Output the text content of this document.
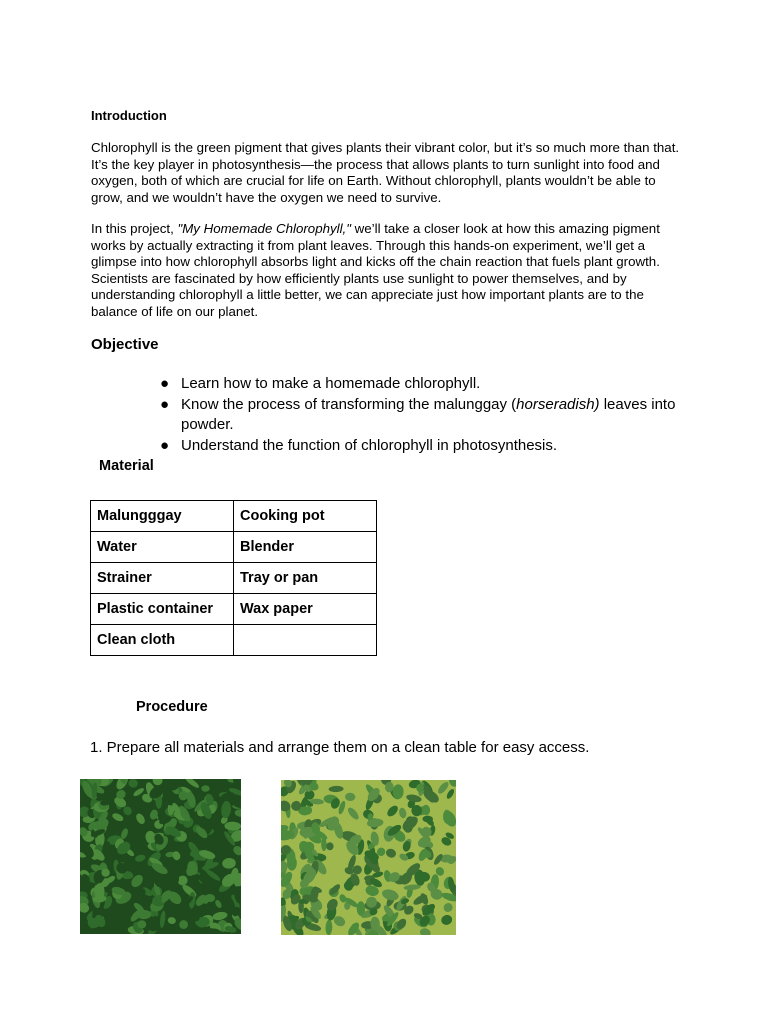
Introduction

Chlorophyll is the green pigment that gives plants their vibrant color, but it’s so much more than that. It’s the key player in photosynthesis—the process that allows plants to turn sunlight into food and oxygen, both of which are crucial for life on Earth. Without chlorophyll, plants wouldn’t be able to grow, and we wouldn’t have the oxygen we need to survive.

In this project, "My Homemade Chlorophyll," we’ll take a closer look at how this amazing pigment works by actually extracting it from plant leaves. Through this hands-on experiment, we’ll get a glimpse into how chlorophyll absorbs light and kicks off the chain reaction that fuels plant growth. Scientists are fascinated by how efficiently plants use sunlight to power themselves, and by understanding chlorophyll a little better, we can appreciate just how important plants are to the balance of life on our planet.

Objective
● Learn how to make a homemade chlorophyll.
● Know the process of transforming the malunggay (horseradish) leaves into powder.
● Understand the function of chlorophyll in photosynthesis.
Material
Malungggay	Cooking pot
Water	Blender
Strainer	Tray or pan
Plastic container	Wax paper
Clean cloth	
Procedure
1. Prepare all materials and arrange them on a clean table for easy access.
